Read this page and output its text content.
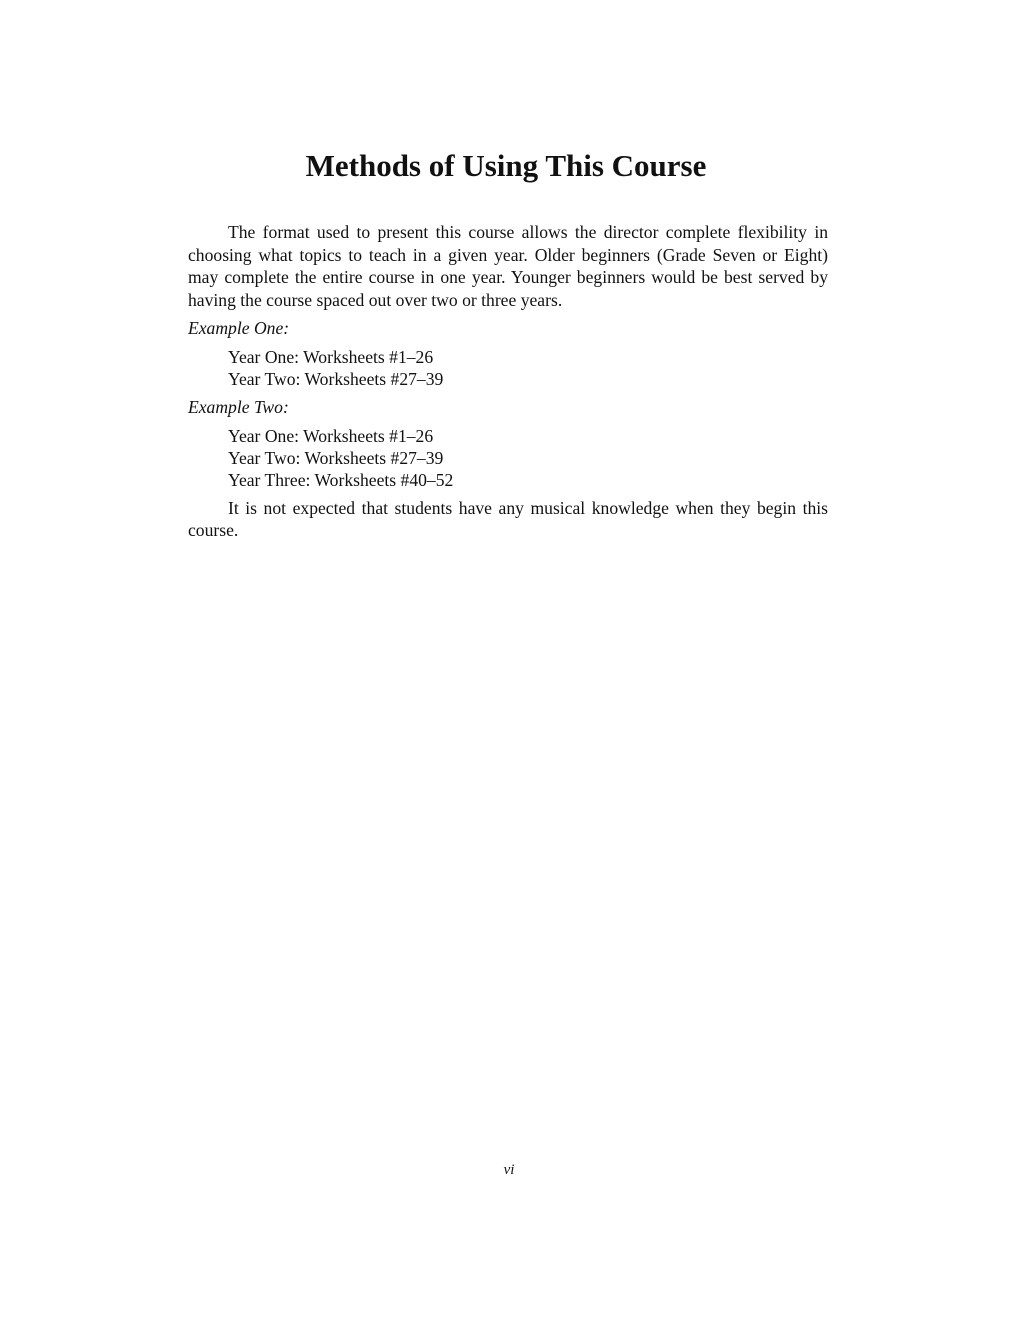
Methods of Using This Course

The format used to present this course allows the director complete flexibility in choosing what topics to teach in a given year. Older beginners (Grade Seven or Eight) may complete the entire course in one year. Younger beginners would be best served by having the course spaced out over two or three years.

Example One:

Year One: Worksheets #1–26
Year Two: Worksheets #27–39

Example Two:

Year One: Worksheets #1–26
Year Two: Worksheets #27–39
Year Three: Worksheets #40–52

It is not expected that students have any musical knowledge when they begin this course.

vi
